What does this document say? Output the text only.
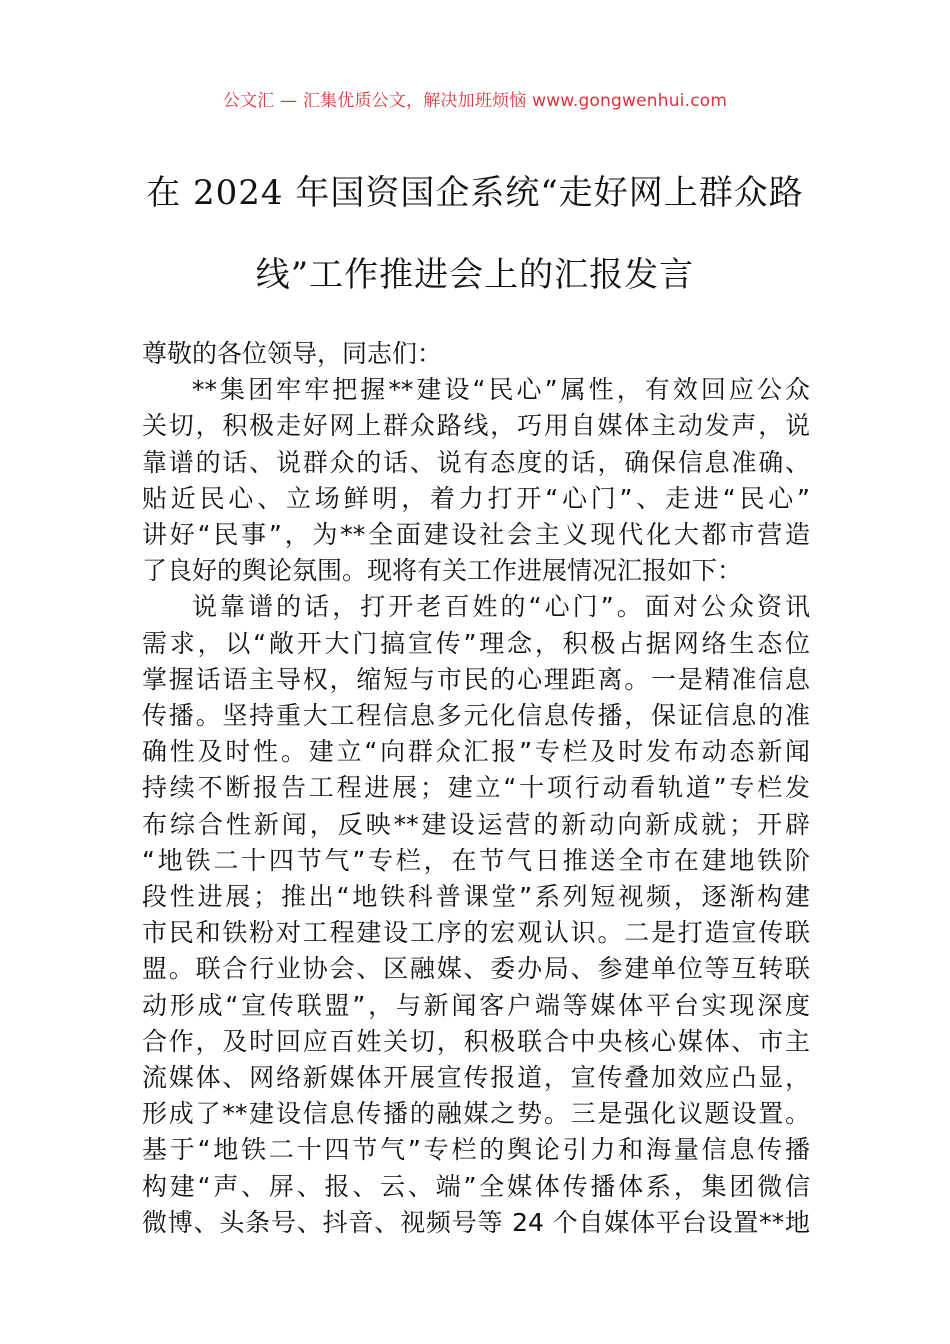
公文汇 — 汇集优质公文，解决加班烦恼 www.gongwenhui.com
在 2024 年国资国企系统“走好网上群众路
线”工作推进会上的汇报发言
尊敬的各位领导，同志们：
**集团牢牢把握**建设“民心”属性，有效回应公众
关切，积极走好网上群众路线，巧用自媒体主动发声，说
靠谱的话、说群众的话、说有态度的话，确保信息准确、
贴近民心、立场鲜明，着力打开“心门”、走进“民心”
讲好“民事”，为**全面建设社会主义现代化大都市营造
了良好的舆论氛围。现将有关工作进展情况汇报如下：
说靠谱的话，打开老百姓的“心门”。面对公众资讯
需求，以“敞开大门搞宣传”理念，积极占据网络生态位
掌握话语主导权，缩短与市民的心理距离。一是精准信息
传播。坚持重大工程信息多元化信息传播，保证信息的准
确性及时性。建立“向群众汇报”专栏及时发布动态新闻
持续不断报告工程进展；建立“十项行动看轨道”专栏发
布综合性新闻，反映**建设运营的新动向新成就；开辟
“地铁二十四节气”专栏，在节气日推送全市在建地铁阶
段性进展；推出“地铁科普课堂”系列短视频，逐渐构建
市民和铁粉对工程建设工序的宏观认识。二是打造宣传联
盟。联合行业协会、区融媒、委办局、参建单位等互转联
动形成“宣传联盟”，与新闻客户端等媒体平台实现深度
合作，及时回应百姓关切，积极联合中央核心媒体、市主
流媒体、网络新媒体开展宣传报道，宣传叠加效应凸显，
形成了**建设信息传播的融媒之势。三是强化议题设置。
基于“地铁二十四节气”专栏的舆论引力和海量信息传播
构建“声、屏、报、云、端”全媒体传播体系，集团微信
微博、头条号、抖音、视频号等 24 个自媒体平台设置**地
